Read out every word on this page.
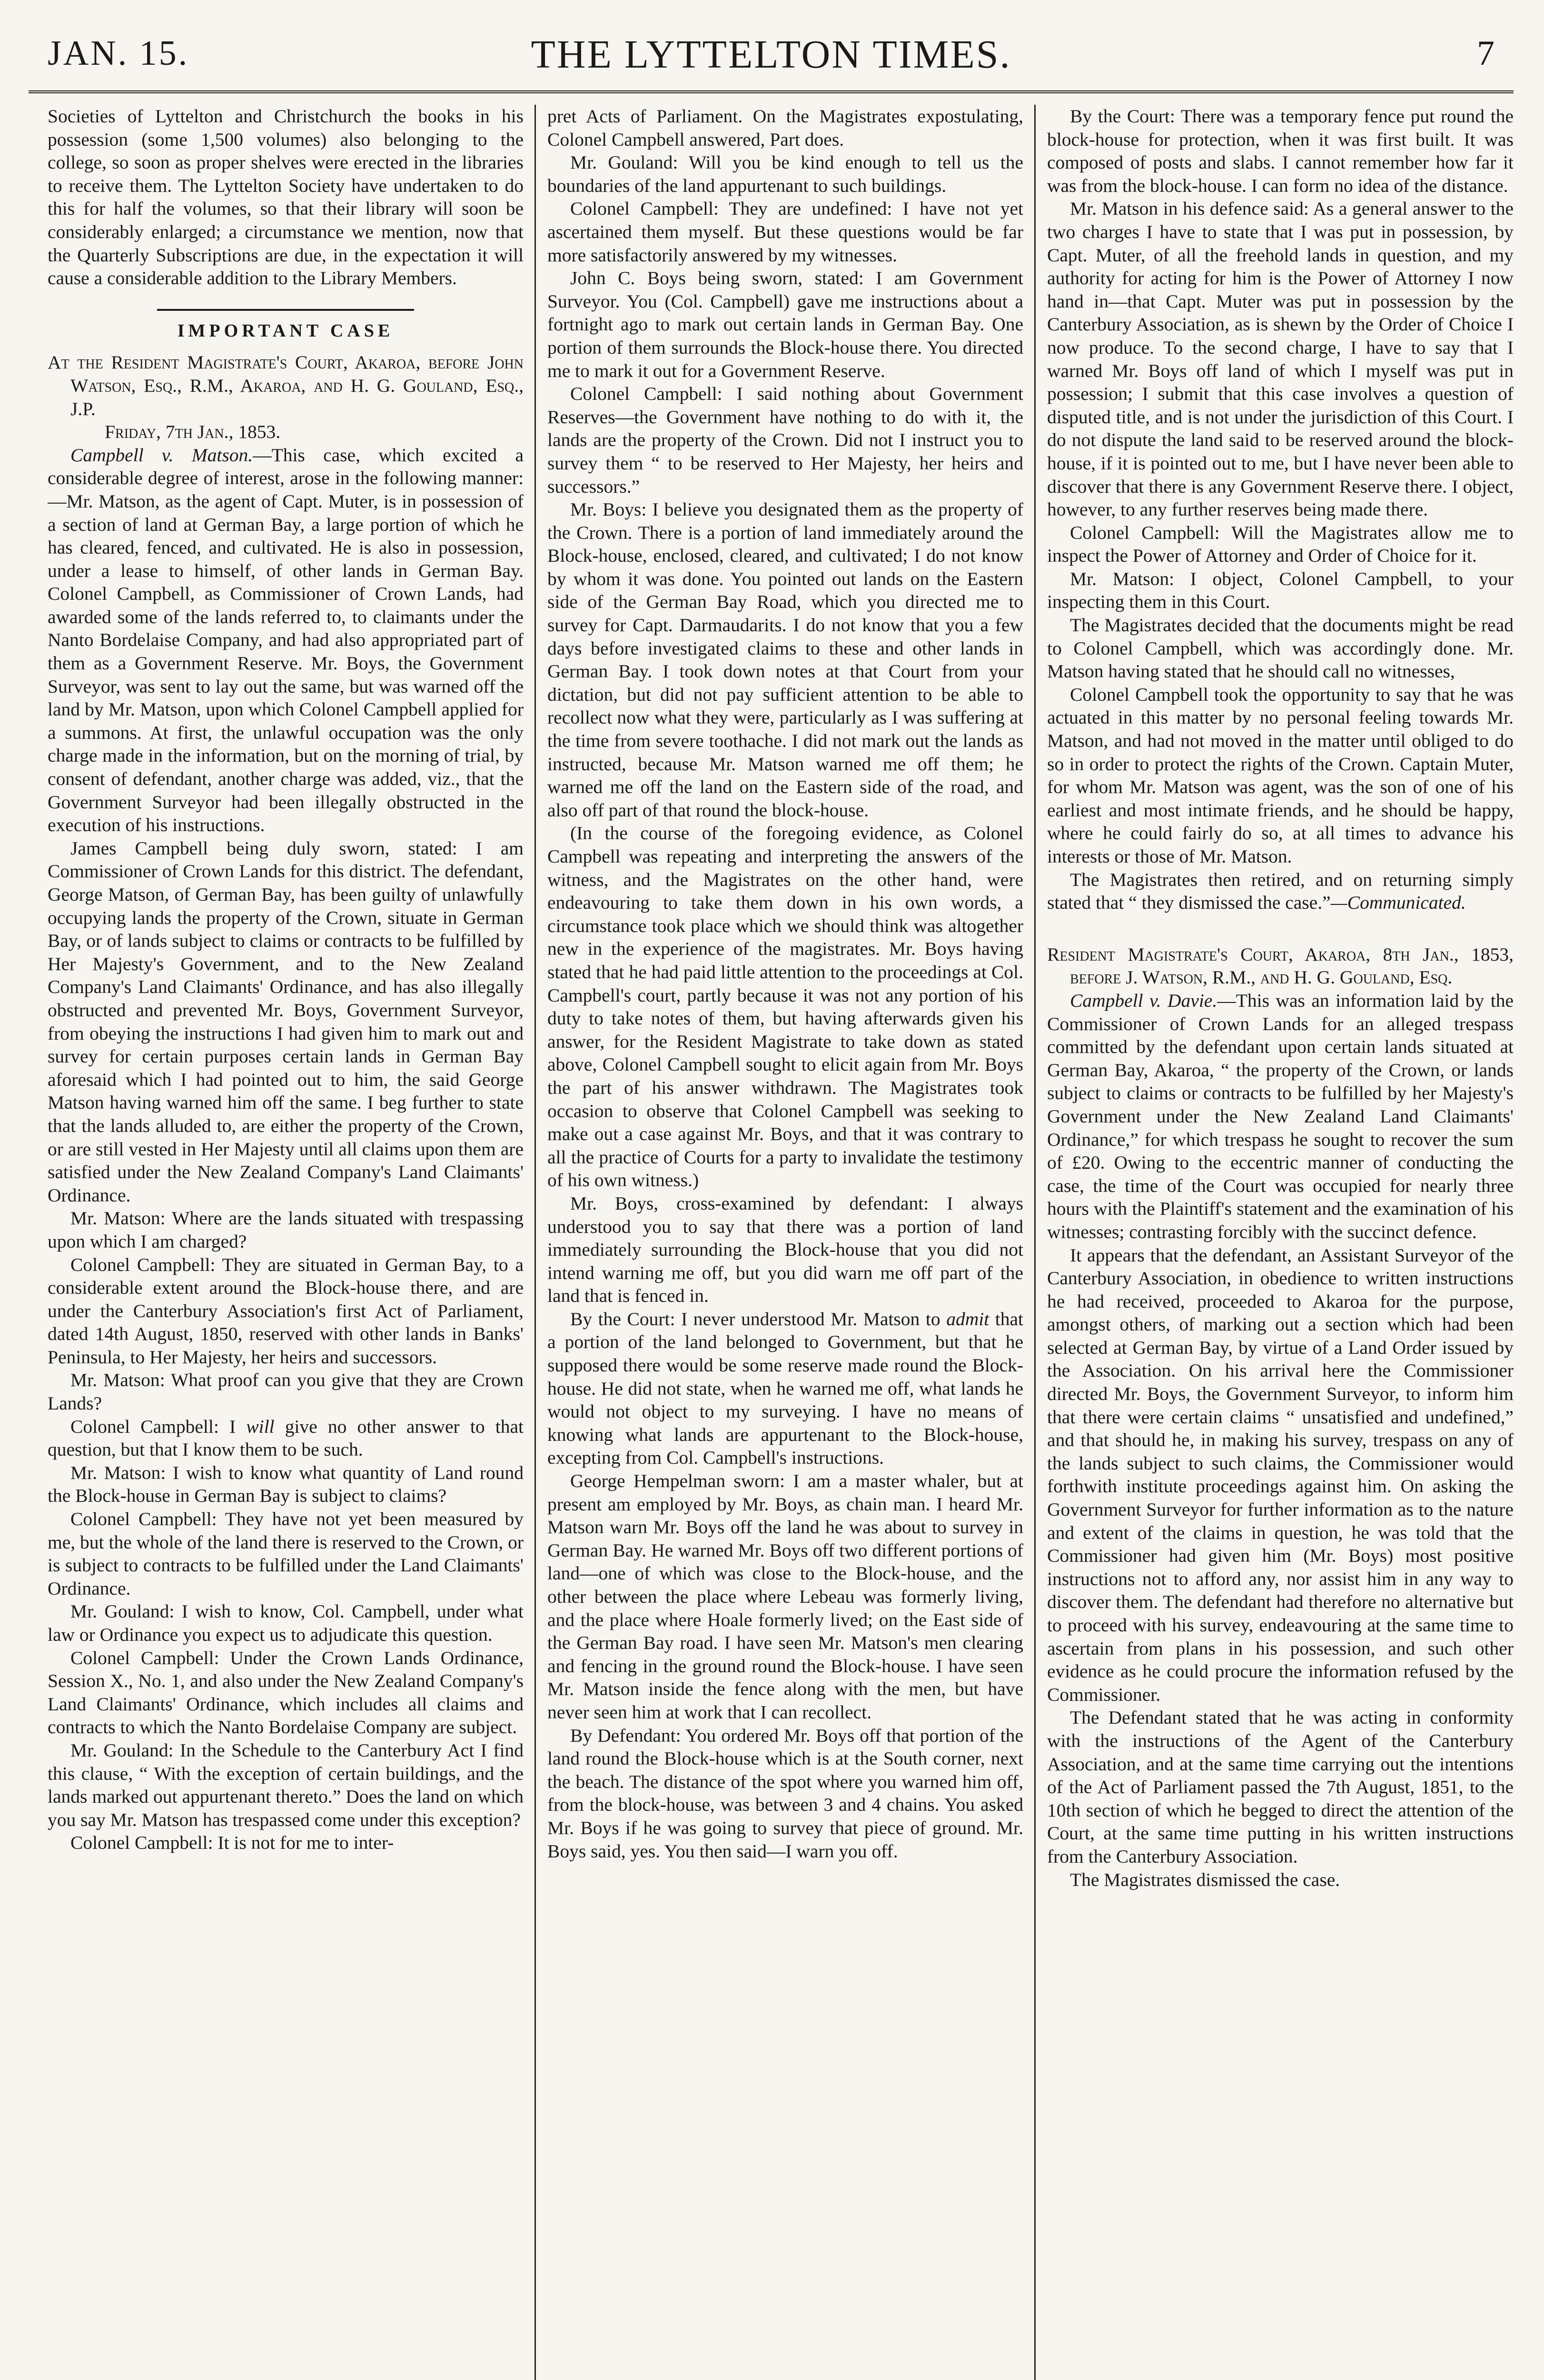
JAN. 15.	THE LYTTELTON TIMES.	7

Societies of Lyttelton and Christchurch the books in his possession (some 1,500 volumes) also belonging to the college, so soon as proper shelves were erected in the libraries to receive them. The Lyttelton Society have undertaken to do this for half the volumes, so that their library will soon be considerably enlarged; a circumstance we mention, now that the Quarterly Subscriptions are due, in the expectation it will cause a considerable addition to the Library Members.

IMPORTANT CASE

At the Resident Magistrate's Court, Akaroa, before John Watson, Esq., R.M., Akaroa, and H. G. Gouland, Esq., J.P.

Friday, 7th Jan., 1853.

Campbell v. Matson.—This case, which excited a considerable degree of interest, arose in the following manner:—Mr. Matson, as the agent of Capt. Muter, is in possession of a section of land at German Bay, a large portion of which he has cleared, fenced, and cultivated. He is also in possession, under a lease to himself, of other lands in German Bay. Colonel Campbell, as Commissioner of Crown Lands, had awarded some of the lands referred to, to claimants under the Nanto Bordelaise Company, and had also appropriated part of them as a Government Reserve. Mr. Boys, the Government Surveyor, was sent to lay out the same, but was warned off the land by Mr. Matson, upon which Colonel Campbell applied for a summons. At first, the unlawful occupation was the only charge made in the information, but on the morning of trial, by consent of defendant, another charge was added, viz., that the Government Surveyor had been illegally obstructed in the execution of his instructions.

James Campbell being duly sworn, stated: I am Commissioner of Crown Lands for this district. The defendant, George Matson, of German Bay, has been guilty of unlawfully occupying lands the property of the Crown, situate in German Bay, or of lands subject to claims or contracts to be fulfilled by Her Majesty's Government, and to the New Zealand Company's Land Claimants' Ordinance, and has also illegally obstructed and prevented Mr. Boys, Government Surveyor, from obeying the instructions I had given him to mark out and survey for certain purposes certain lands in German Bay aforesaid which I had pointed out to him, the said George Matson having warned him off the same. I beg further to state that the lands alluded to, are either the property of the Crown, or are still vested in Her Majesty until all claims upon them are satisfied under the New Zealand Company's Land Claimants' Ordinance.

Mr. Matson: Where are the lands situated with trespassing upon which I am charged?

Colonel Campbell: They are situated in German Bay, to a considerable extent around the Block-house there, and are under the Canterbury Association's first Act of Parliament, dated 14th August, 1850, reserved with other lands in Banks' Peninsula, to Her Majesty, her heirs and successors.

Mr. Matson: What proof can you give that they are Crown Lands?

Colonel Campbell: I will give no other answer to that question, but that I know them to be such.

Mr. Matson: I wish to know what quantity of Land round the Block-house in German Bay is subject to claims?

Colonel Campbell: They have not yet been measured by me, but the whole of the land there is reserved to the Crown, or is subject to contracts to be fulfilled under the Land Claimants' Ordinance.

Mr. Gouland: I wish to know, Col. Campbell, under what law or Ordinance you expect us to adjudicate this question.

Colonel Campbell: Under the Crown Lands Ordinance, Session X., No. 1, and also under the New Zealand Company's Land Claimants' Ordinance, which includes all claims and contracts to which the Nanto Bordelaise Company are subject.

Mr. Gouland: In the Schedule to the Canterbury Act I find this clause, “ With the exception of certain buildings, and the lands marked out appurtenant thereto.” Does the land on which you say Mr. Matson has trespassed come under this exception?

Colonel Campbell: It is not for me to inter-

pret Acts of Parliament. On the Magistrates expostulating, Colonel Campbell answered, Part does.

Mr. Gouland: Will you be kind enough to tell us the boundaries of the land appurtenant to such buildings.

Colonel Campbell: They are undefined: I have not yet ascertained them myself. But these questions would be far more satisfactorily answered by my witnesses.

John C. Boys being sworn, stated: I am Government Surveyor. You (Col. Campbell) gave me instructions about a fortnight ago to mark out certain lands in German Bay. One portion of them surrounds the Block-house there. You directed me to mark it out for a Government Reserve.

Colonel Campbell: I said nothing about Government Reserves—the Government have nothing to do with it, the lands are the property of the Crown. Did not I instruct you to survey them “ to be reserved to Her Majesty, her heirs and successors.”

Mr. Boys: I believe you designated them as the property of the Crown. There is a portion of land immediately around the Block-house, enclosed, cleared, and cultivated; I do not know by whom it was done. You pointed out lands on the Eastern side of the German Bay Road, which you directed me to survey for Capt. Darmaudarits. I do not know that you a few days before investigated claims to these and other lands in German Bay. I took down notes at that Court from your dictation, but did not pay sufficient attention to be able to recollect now what they were, particularly as I was suffering at the time from severe toothache. I did not mark out the lands as instructed, because Mr. Matson warned me off them; he warned me off the land on the Eastern side of the road, and also off part of that round the block-house.

(In the course of the foregoing evidence, as Colonel Campbell was repeating and interpreting the answers of the witness, and the Magistrates on the other hand, were endeavouring to take them down in his own words, a circumstance took place which we should think was altogether new in the experience of the magistrates. Mr. Boys having stated that he had paid little attention to the proceedings at Col. Campbell's court, partly because it was not any portion of his duty to take notes of them, but having afterwards given his answer, for the Resident Magistrate to take down as stated above, Colonel Campbell sought to elicit again from Mr. Boys the part of his answer withdrawn. The Magistrates took occasion to observe that Colonel Campbell was seeking to make out a case against Mr. Boys, and that it was contrary to all the practice of Courts for a party to invalidate the testimony of his own witness.)

Mr. Boys, cross-examined by defendant: I always understood you to say that there was a portion of land immediately surrounding the Block-house that you did not intend warning me off, but you did warn me off part of the land that is fenced in.

By the Court: I never understood Mr. Matson to admit that a portion of the land belonged to Government, but that he supposed there would be some reserve made round the Block-house. He did not state, when he warned me off, what lands he would not object to my surveying. I have no means of knowing what lands are appurtenant to the Block-house, excepting from Col. Campbell's instructions.

George Hempelman sworn: I am a master whaler, but at present am employed by Mr. Boys, as chain man. I heard Mr. Matson warn Mr. Boys off the land he was about to survey in German Bay. He warned Mr. Boys off two different portions of land—one of which was close to the Block-house, and the other between the place where Lebeau was formerly living, and the place where Hoale formerly lived; on the East side of the German Bay road. I have seen Mr. Matson's men clearing and fencing in the ground round the Block-house. I have seen Mr. Matson inside the fence along with the men, but have never seen him at work that I can recollect.

By Defendant: You ordered Mr. Boys off that portion of the land round the Block-house which is at the South corner, next the beach. The distance of the spot where you warned him off, from the block-house, was between 3 and 4 chains. You asked Mr. Boys if he was going to survey that piece of ground. Mr. Boys said, yes. You then said—I warn you off.

By the Court: There was a temporary fence put round the block-house for protection, when it was first built. It was composed of posts and slabs. I cannot remember how far it was from the block-house. I can form no idea of the distance.

Mr. Matson in his defence said: As a general answer to the two charges I have to state that I was put in possession, by Capt. Muter, of all the freehold lands in question, and my authority for acting for him is the Power of Attorney I now hand in—that Capt. Muter was put in possession by the Canterbury Association, as is shewn by the Order of Choice I now produce. To the second charge, I have to say that I warned Mr. Boys off land of which I myself was put in possession; I submit that this case involves a question of disputed title, and is not under the jurisdiction of this Court. I do not dispute the land said to be reserved around the block-house, if it is pointed out to me, but I have never been able to discover that there is any Government Reserve there. I object, however, to any further reserves being made there.

Colonel Campbell: Will the Magistrates allow me to inspect the Power of Attorney and Order of Choice for it.

Mr. Matson: I object, Colonel Campbell, to your inspecting them in this Court.

The Magistrates decided that the documents might be read to Colonel Campbell, which was accordingly done. Mr. Matson having stated that he should call no witnesses,

Colonel Campbell took the opportunity to say that he was actuated in this matter by no personal feeling towards Mr. Matson, and had not moved in the matter until obliged to do so in order to protect the rights of the Crown. Captain Muter, for whom Mr. Matson was agent, was the son of one of his earliest and most intimate friends, and he should be happy, where he could fairly do so, at all times to advance his interests or those of Mr. Matson.

The Magistrates then retired, and on returning simply stated that “ they dismissed the case.”—Communicated.

Resident Magistrate's Court, Akaroa, 8th Jan., 1853, before J. Watson, R.M., and H. G. Gouland, Esq.

Campbell v. Davie.—This was an information laid by the Commissioner of Crown Lands for an alleged trespass committed by the defendant upon certain lands situated at German Bay, Akaroa, “ the property of the Crown, or lands subject to claims or contracts to be fulfilled by her Majesty's Government under the New Zealand Land Claimants' Ordinance,” for which trespass he sought to recover the sum of £20. Owing to the eccentric manner of conducting the case, the time of the Court was occupied for nearly three hours with the Plaintiff's statement and the examination of his witnesses; contrasting forcibly with the succinct defence.

It appears that the defendant, an Assistant Surveyor of the Canterbury Association, in obedience to written instructions he had received, proceeded to Akaroa for the purpose, amongst others, of marking out a section which had been selected at German Bay, by virtue of a Land Order issued by the Association. On his arrival here the Commissioner directed Mr. Boys, the Government Surveyor, to inform him that there were certain claims “ unsatisfied and undefined,” and that should he, in making his survey, trespass on any of the lands subject to such claims, the Commissioner would forthwith institute proceedings against him. On asking the Government Surveyor for further information as to the nature and extent of the claims in question, he was told that the Commissioner had given him (Mr. Boys) most positive instructions not to afford any, nor assist him in any way to discover them. The defendant had therefore no alternative but to proceed with his survey, endeavouring at the same time to ascertain from plans in his possession, and such other evidence as he could procure the information refused by the Commissioner.

The Defendant stated that he was acting in conformity with the instructions of the Agent of the Canterbury Association, and at the same time carrying out the intentions of the Act of Parliament passed the 7th August, 1851, to the 10th section of which he begged to direct the attention of the Court, at the same time putting in his written instructions from the Canterbury Association.

The Magistrates dismissed the case.
